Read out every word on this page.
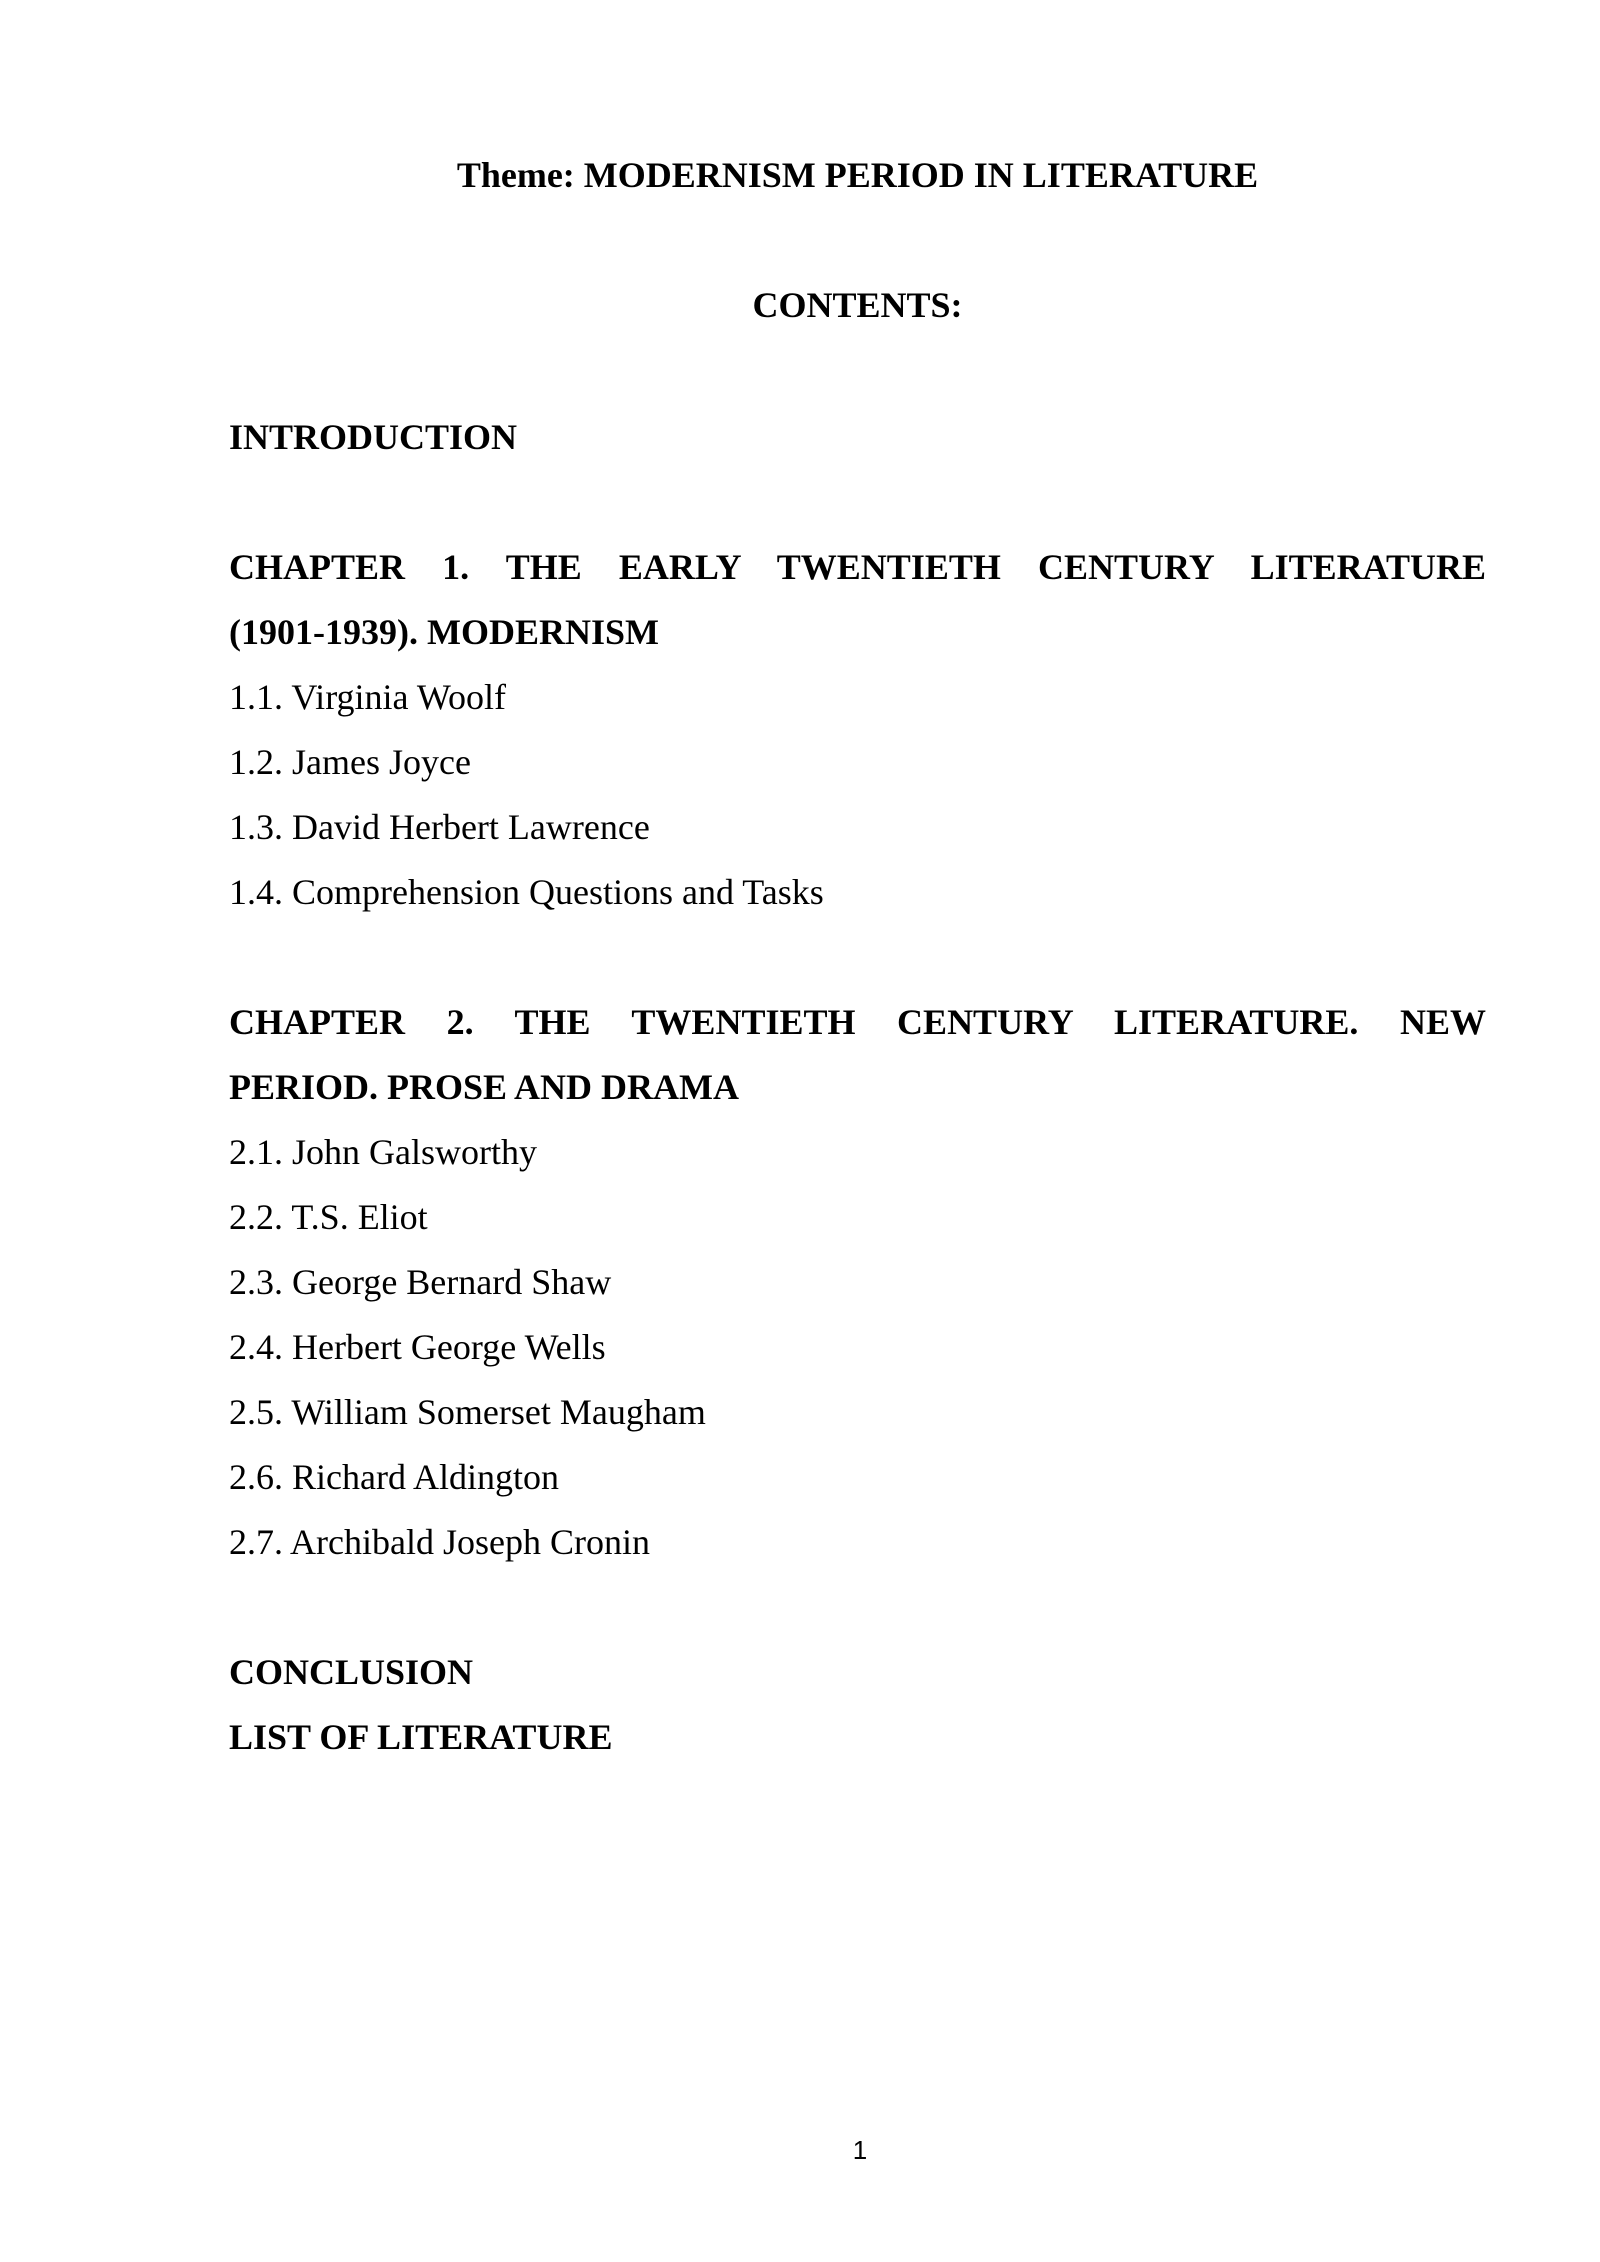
Theme: MODERNISM PERIOD IN LITERATURE
CONTENTS:
INTRODUCTION
CHAPTER 1. THE EARLY TWENTIETH CENTURY LITERATURE
(1901-1939). MODERNISM
1.1. Virginia Woolf
1.2. James Joyce
1.3. David Herbert Lawrence
1.4. Comprehension Questions and Tasks
CHAPTER 2. THE TWENTIETH CENTURY LITERATURE. NEW
PERIOD. PROSE AND DRAMA
2.1. John Galsworthy
2.2. T.S. Eliot
2.3. George Bernard Shaw
2.4. Herbert George Wells
2.5. William Somerset Maugham
2.6. Richard Aldington
2.7. Archibald Joseph Cronin
CONCLUSION
LIST OF LITERATURE
1
